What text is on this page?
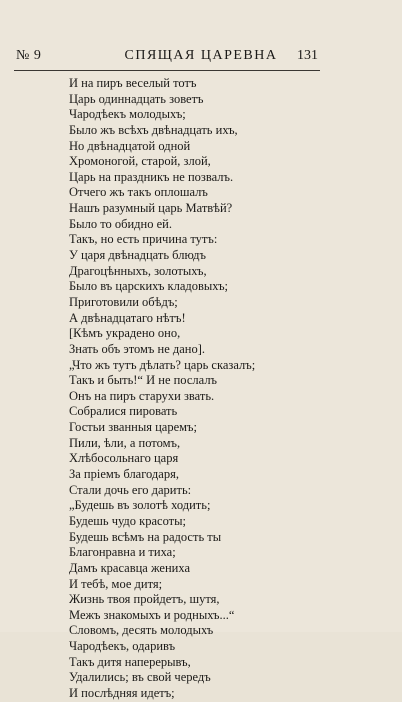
№ 9	СПЯЩАЯ ЦАРЕВНА	131
И на пиръ веселый тотъ
Царь одиннадцать зоветъ
Чародѣекъ молодыхъ;
Было жъ всѣхъ двѣнадцать ихъ,
Но двѣнадцатой одной
Хромоногой, старой, злой,
Царь на праздникъ не позвалъ.
Отчего жъ такъ оплошалъ
Нашъ разумный царь Матвѣй?
Было то обидно ей.
Такъ, но есть причина тутъ:
У царя двѣнадцать блюдъ
Драгоцѣнныхъ, золотыхъ,
Было въ царскихъ кладовыхъ;
Приготовили обѣдъ;
А двѣнадцатаго нѣтъ!
[Кѣмъ украдено оно,
Знать объ этомъ не дано].
„Что жъ тутъ дѣлать? царь сказалъ;
Такъ и быть!“ И не послалъ
Онъ на пиръ старухи звать.
Собралися пировать
Гостьи званныя царемъ;
Пили, ѣли, а потомъ,
Хлѣбосольнаго царя
За пріемъ благодаря,
Стали дочь его дарить:
„Будешь въ золотѣ ходить;
Будешь чудо красоты;
Будешь всѣмъ на радость ты
Благонравна и тиха;
Дамъ красавца жениха
И тебѣ, мое дитя;
Жизнь твоя пройдетъ, шутя,
Межъ знакомыхъ и родныхъ...“
Словомъ, десять молодыхъ
Чародѣекъ, одаривъ
Такъ дитя наперерывъ,
Удалились; въ свой чередъ
И послѣдняя идетъ;
